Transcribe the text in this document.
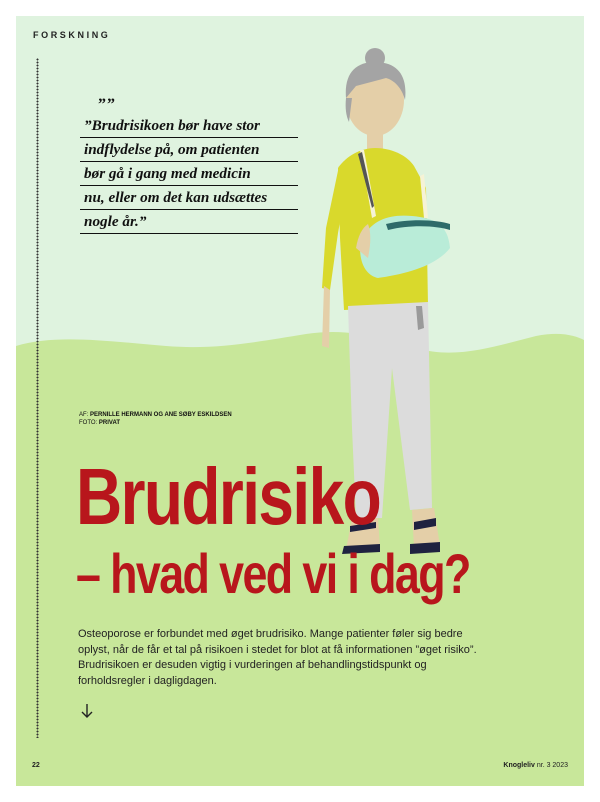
FORSKNING

””

”Brudrisikoen bør have stor
indflydelse på, om patienten
bør gå i gang med medicin
nu, eller om det kan udsættes
nogle år.”

AF: PERNILLE HERMANN OG ANE SØBY ESKILDSEN
FOTO: PRIVAT

Brudrisiko
– hvad ved vi i dag?

Osteoporose er forbundet med øget brudrisiko. Mange patienter føler sig bedre oplyst, når de får et tal på risikoen i stedet for blot at få informationen ”øget risiko”. Brudrisikoen er desuden vigtig i vurderingen af behandlingstidspunkt og forholdsregler i dagligdagen.

22	Knogleliv nr. 3 2023
